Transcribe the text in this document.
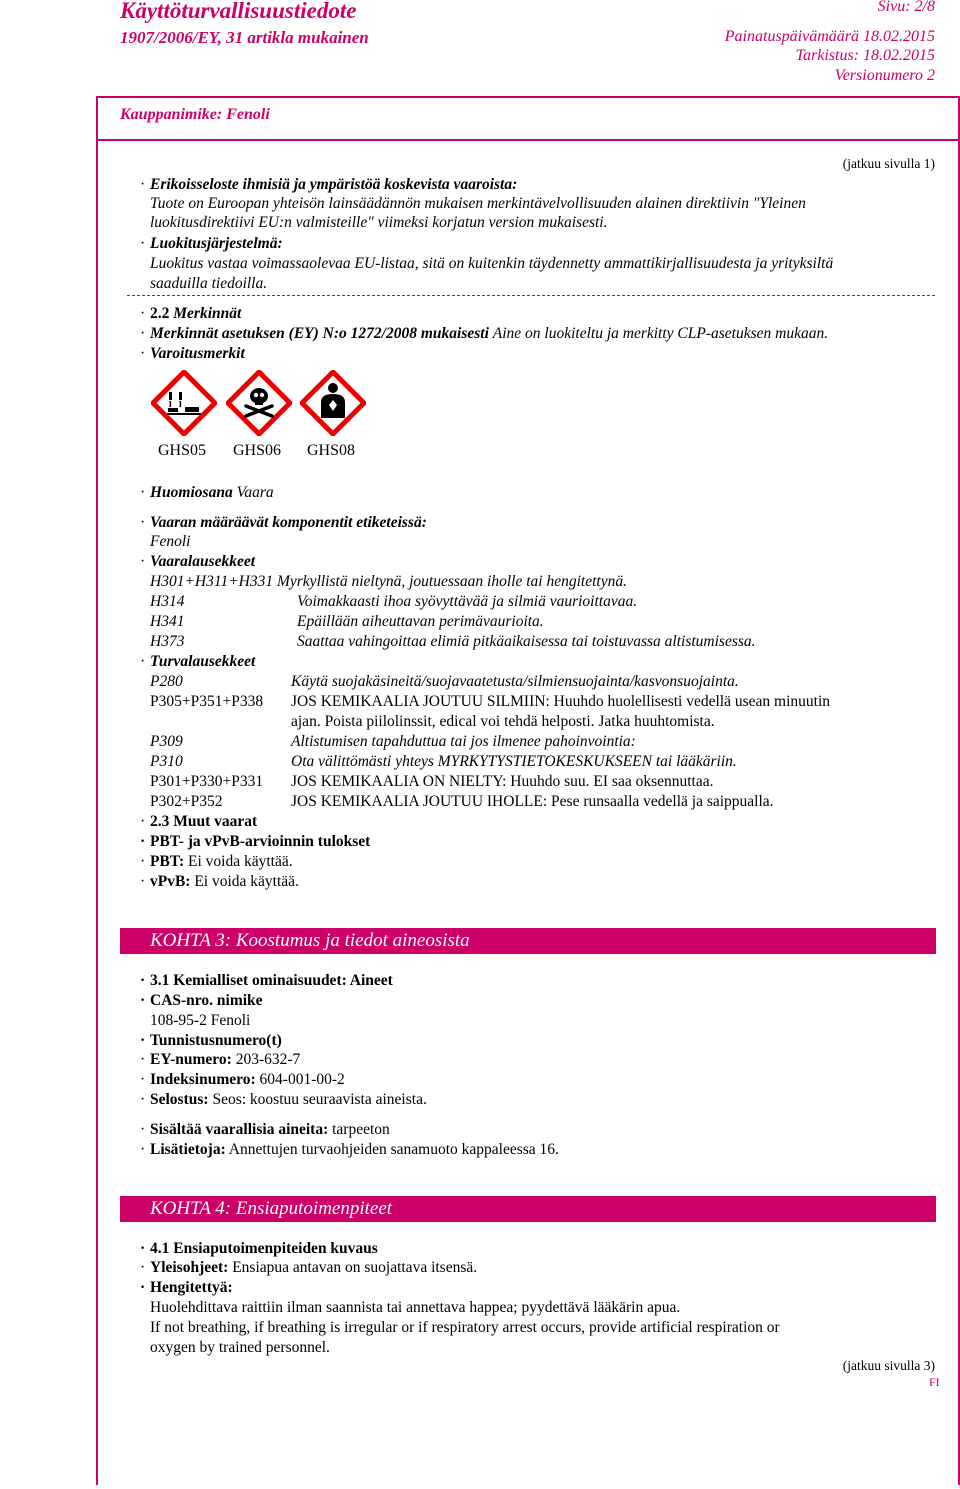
Käyttöturvallisuustiedote
1907/2006/EY, 31 artikla mukainen
Sivu: 2/8
Painatuspäivämäärä 18.02.2015
Tarkistus: 18.02.2015
Versionumero 2
Kauppanimike: Fenoli
(jatkuu sivulla 1)
· Erikoisseloste ihmisiä ja ympäristöä koskevista vaaroista:
Tuote on Euroopan yhteisön lainsäädännön mukaisen merkintävelvollisuuden alainen direktiivin "Yleinen
luokitusdirektiivi EU:n valmisteille" viimeksi korjatun version mukaisesti.
· Luokitusjärjestelmä:
Luokitus vastaa voimassaolevaa EU-listaa, sitä on kuitenkin täydennetty ammattikirjallisuudesta ja yrityksiltä
saaduilla tiedoilla.
· 2.2 Merkinnät
· Merkinnät asetuksen (EY) N:o 1272/2008 mukaisesti Aine on luokiteltu ja merkitty CLP-asetuksen mukaan.
· Varoitusmerkit
GHS05 GHS06 GHS08
· Huomiosana Vaara
· Vaaran määräävät komponentit etiketeissä:
Fenoli
· Vaaralausekkeet
H301+H311+H331 Myrkyllistä nieltynä, joutuessaan iholle tai hengitettynä.
H314	Voimakkaasti ihoa syövyttävää ja silmiä vaurioittavaa.
H341	Epäillään aiheuttavan perimävaurioita.
H373	Saattaa vahingoittaa elimiä pitkäaikaisessa tai toistuvassa altistumisessa.
· Turvalausekkeet
P280	Käytä suojakäsineitä/suojavaatetusta/silmiensuojainta/kasvonsuojainta.
P305+P351+P338 JOS KEMIKAALIA JOUTUU SILMIIN: Huuhdo huolellisesti vedellä usean minuutin
ajan. Poista piilolinssit, edical voi tehdä helposti. Jatka huuhtomista.
P309	Altistumisen tapahduttua tai jos ilmenee pahoinvointia:
P310	Ota välittömästi yhteys MYRKYTYSTIETOKESKUKSEEN tai lääkäriin.
P301+P330+P331 JOS KEMIKAALIA ON NIELTY: Huuhdo suu. EI saa oksennuttaa.
P302+P352	JOS KEMIKAALIA JOUTUU IHOLLE: Pese runsaalla vedellä ja saippualla.
· 2.3 Muut vaarat
· PBT- ja vPvB-arvioinnin tulokset
· PBT: Ei voida käyttää.
· vPvB: Ei voida käyttää.
KOHTA 3: Koostumus ja tiedot aineosista
· 3.1 Kemialliset ominaisuudet: Aineet
· CAS-nro. nimike
108-95-2 Fenoli
· Tunnistusnumero(t)
· EY-numero: 203-632-7
· Indeksinumero: 604-001-00-2
· Selostus: Seos: koostuu seuraavista aineista.
· Sisältää vaarallisia aineita: tarpeeton
· Lisätietoja: Annettujen turvaohjeiden sanamuoto kappaleessa 16.
KOHTA 4: Ensiaputoimenpiteet
· 4.1 Ensiaputoimenpiteiden kuvaus
· Yleisohjeet: Ensiapua antavan on suojattava itsensä.
· Hengitettyä:
Huolehdittava raittiin ilman saannista tai annettava happea; pyydettävä lääkärin apua.
If not breathing, if breathing is irregular or if respiratory arrest occurs, provide artificial respiration or
oxygen by trained personnel.
(jatkuu sivulla 3)
FI
